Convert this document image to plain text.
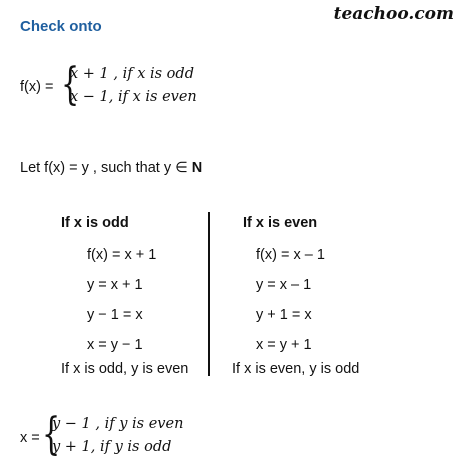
Check onto
teachoo.com
f(x) = {
x + 1 , if x is odd
x − 1, if x is even
Let f(x) = y , such that y ∈ N
If x is odd
f(x) = x + 1
y = x + 1
y − 1 = x
x = y − 1
If x is odd, y is even
If x is even
f(x) = x – 1
y = x – 1
y + 1 = x
x = y + 1
If x is even, y is odd
x = {
y − 1 , if y is even
y + 1, if y is odd
